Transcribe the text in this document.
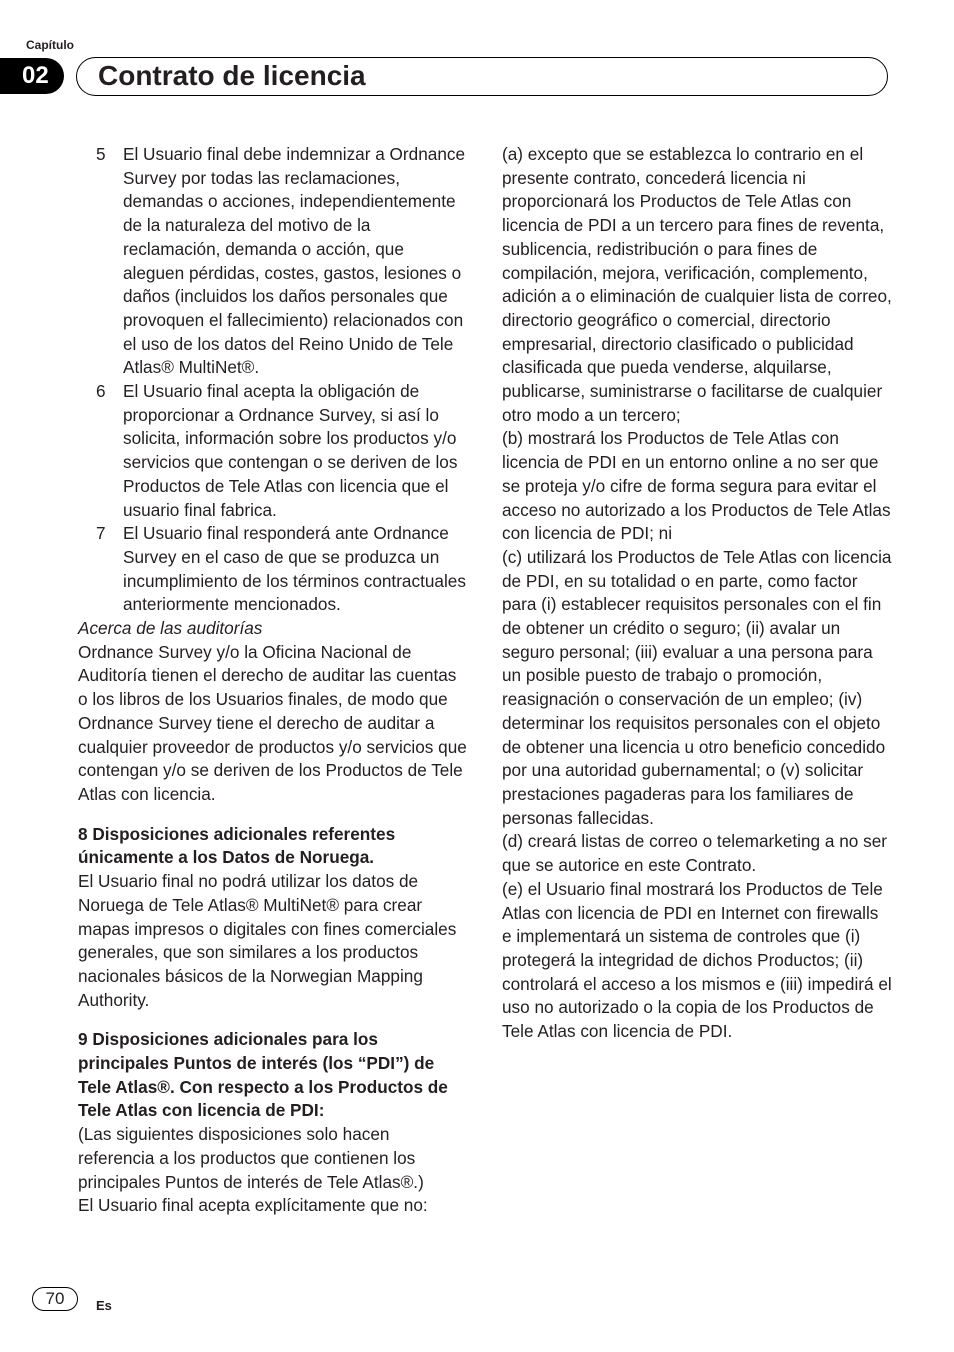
Capítulo
02	Contrato de licencia
5 El Usuario final debe indemnizar a Ordnance Survey por todas las reclamaciones, demandas o acciones, independientemente de la naturaleza del motivo de la reclamación, demanda o acción, que aleguen pérdidas, costes, gastos, lesiones o daños (incluidos los daños personales que provoquen el fallecimiento) relacionados con el uso de los datos del Reino Unido de Tele Atlas® MultiNet®.
6 El Usuario final acepta la obligación de proporcionar a Ordnance Survey, si así lo solicita, información sobre los productos y/o servicios que contengan o se deriven de los Productos de Tele Atlas con licencia que el usuario final fabrica.
7 El Usuario final responderá ante Ordnance Survey en el caso de que se produzca un incumplimiento de los términos contractuales anteriormente mencionados.
Acerca de las auditorías
Ordnance Survey y/o la Oficina Nacional de Auditoría tienen el derecho de auditar las cuentas o los libros de los Usuarios finales, de modo que Ordnance Survey tiene el derecho de auditar a cualquier proveedor de productos y/o servicios que contengan y/o se deriven de los Productos de Tele Atlas con licencia.
8 Disposiciones adicionales referentes únicamente a los Datos de Noruega.
El Usuario final no podrá utilizar los datos de Noruega de Tele Atlas® MultiNet® para crear mapas impresos o digitales con fines comerciales generales, que son similares a los productos nacionales básicos de la Norwegian Mapping Authority.
9 Disposiciones adicionales para los principales Puntos de interés (los “PDI”) de Tele Atlas®. Con respecto a los Productos de Tele Atlas con licencia de PDI:
(Las siguientes disposiciones solo hacen referencia a los productos que contienen los principales Puntos de interés de Tele Atlas®.)
El Usuario final acepta explícitamente que no:
(a) excepto que se establezca lo contrario en el presente contrato, concederá licencia ni proporcionará los Productos de Tele Atlas con licencia de PDI a un tercero para fines de reventa, sublicencia, redistribución o para fines de compilación, mejora, verificación, complemento, adición a o eliminación de cualquier lista de correo, directorio geográfico o comercial, directorio empresarial, directorio clasificado o publicidad clasificada que pueda venderse, alquilarse, publicarse, suministrarse o facilitarse de cualquier otro modo a un tercero;
(b) mostrará los Productos de Tele Atlas con licencia de PDI en un entorno online a no ser que se proteja y/o cifre de forma segura para evitar el acceso no autorizado a los Productos de Tele Atlas con licencia de PDI; ni
(c) utilizará los Productos de Tele Atlas con licencia de PDI, en su totalidad o en parte, como factor para (i) establecer requisitos personales con el fin de obtener un crédito o seguro; (ii) avalar un seguro personal; (iii) evaluar a una persona para un posible puesto de trabajo o promoción, reasignación o conservación de un empleo; (iv) determinar los requisitos personales con el objeto de obtener una licencia u otro beneficio concedido por una autoridad gubernamental; o (v) solicitar prestaciones pagaderas para los familiares de personas fallecidas.
(d) creará listas de correo o telemarketing a no ser que se autorice en este Contrato.
(e) el Usuario final mostrará los Productos de Tele Atlas con licencia de PDI en Internet con firewalls e implementará un sistema de controles que (i) protegerá la integridad de dichos Productos; (ii) controlará el acceso a los mismos e (iii) impedirá el uso no autorizado o la copia de los Productos de Tele Atlas con licencia de PDI.
70	Es
